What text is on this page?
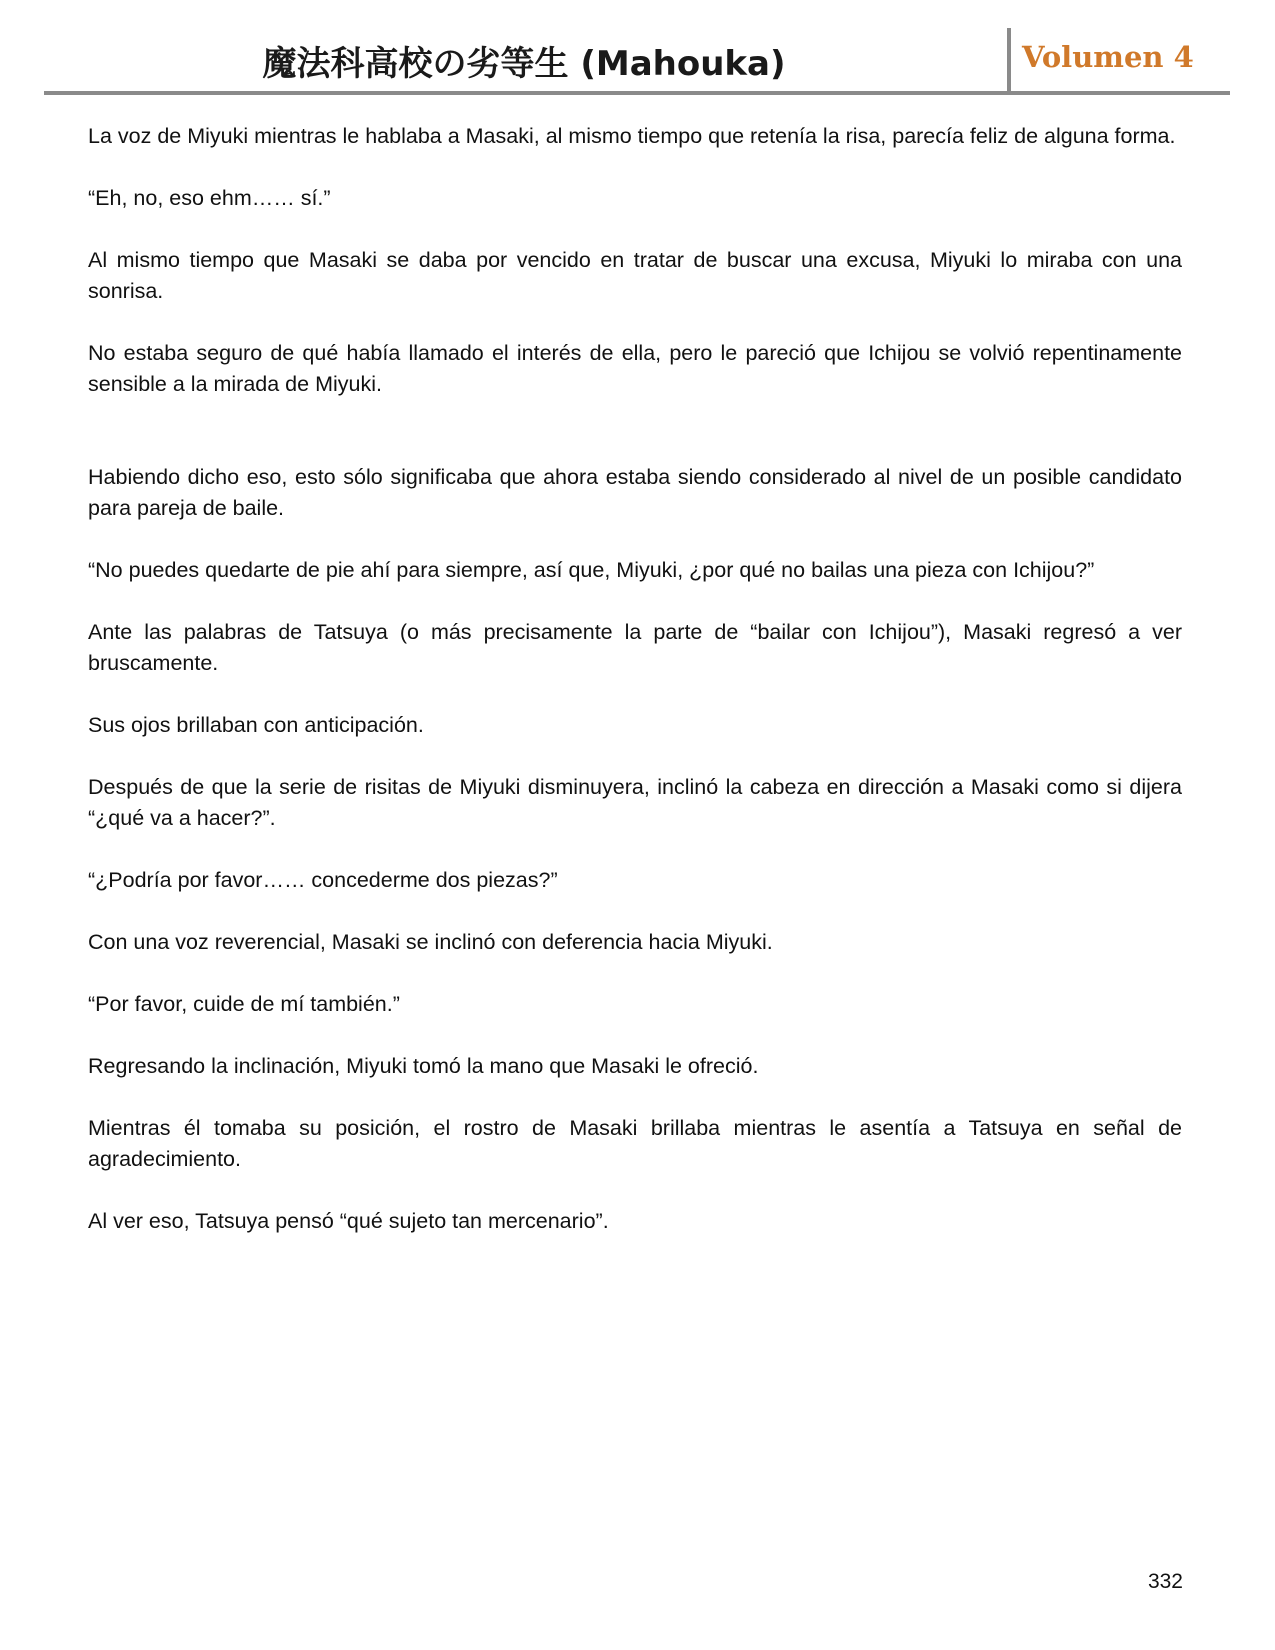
魔法科高校の劣等生 (Mahouka)	Volumen 4

La voz de Miyuki mientras le hablaba a Masaki, al mismo tiempo que retenía la risa, parecía feliz de alguna forma.

“Eh, no, eso ehm…… sí.”

Al mismo tiempo que Masaki se daba por vencido en tratar de buscar una excusa, Miyuki lo miraba con una sonrisa.

No estaba seguro de qué había llamado el interés de ella, pero le pareció que Ichijou se volvió repentinamente sensible a la mirada de Miyuki.

Habiendo dicho eso, esto sólo significaba que ahora estaba siendo considerado al nivel de un posible candidato para pareja de baile.

“No puedes quedarte de pie ahí para siempre, así que, Miyuki, ¿por qué no bailas una pieza con Ichijou?”

Ante las palabras de Tatsuya (o más precisamente la parte de “bailar con Ichijou”), Masaki regresó a ver bruscamente.

Sus ojos brillaban con anticipación.

Después de que la serie de risitas de Miyuki disminuyera, inclinó la cabeza en dirección a Masaki como si dijera “¿qué va a hacer?”.

“¿Podría por favor…… concederme dos piezas?”

Con una voz reverencial, Masaki se inclinó con deferencia hacia Miyuki.

“Por favor, cuide de mí también.”

Regresando la inclinación, Miyuki tomó la mano que Masaki le ofreció.

Mientras él tomaba su posición, el rostro de Masaki brillaba mientras le asentía a Tatsuya en señal de agradecimiento.

Al ver eso, Tatsuya pensó “qué sujeto tan mercenario”.

332
